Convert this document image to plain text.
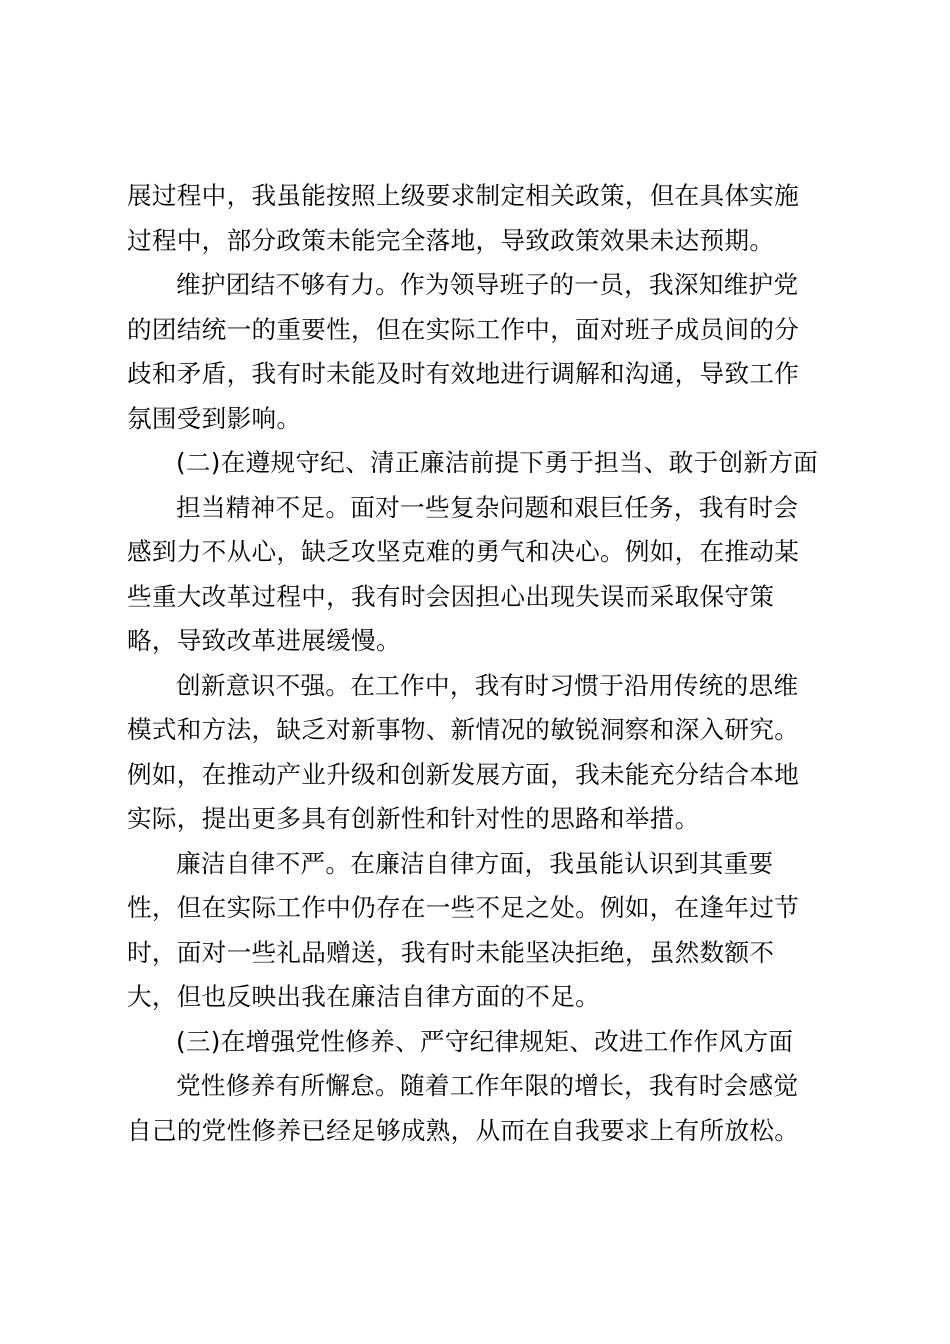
展过程中，我虽能按照上级要求制定相关政策，但在具体实施
过程中，部分政策未能完全落地，导致政策效果未达预期。
维护团结不够有力。作为领导班子的一员，我深知维护党
的团结统一的重要性，但在实际工作中，面对班子成员间的分
歧和矛盾，我有时未能及时有效地进行调解和沟通，导致工作
氛围受到影响。
(二)在遵规守纪、清正廉洁前提下勇于担当、敢于创新方面
担当精神不足。面对一些复杂问题和艰巨任务，我有时会
感到力不从心，缺乏攻坚克难的勇气和决心。例如，在推动某
些重大改革过程中，我有时会因担心出现失误而采取保守策
略，导致改革进展缓慢。
创新意识不强。在工作中，我有时习惯于沿用传统的思维
模式和方法，缺乏对新事物、新情况的敏锐洞察和深入研究。
例如，在推动产业升级和创新发展方面，我未能充分结合本地
实际，提出更多具有创新性和针对性的思路和举措。
廉洁自律不严。在廉洁自律方面，我虽能认识到其重要
性，但在实际工作中仍存在一些不足之处。例如，在逢年过节
时，面对一些礼品赠送，我有时未能坚决拒绝，虽然数额不
大，但也反映出我在廉洁自律方面的不足。
(三)在增强党性修养、严守纪律规矩、改进工作作风方面
党性修养有所懈怠。随着工作年限的增长，我有时会感觉
自己的党性修养已经足够成熟，从而在自我要求上有所放松。
